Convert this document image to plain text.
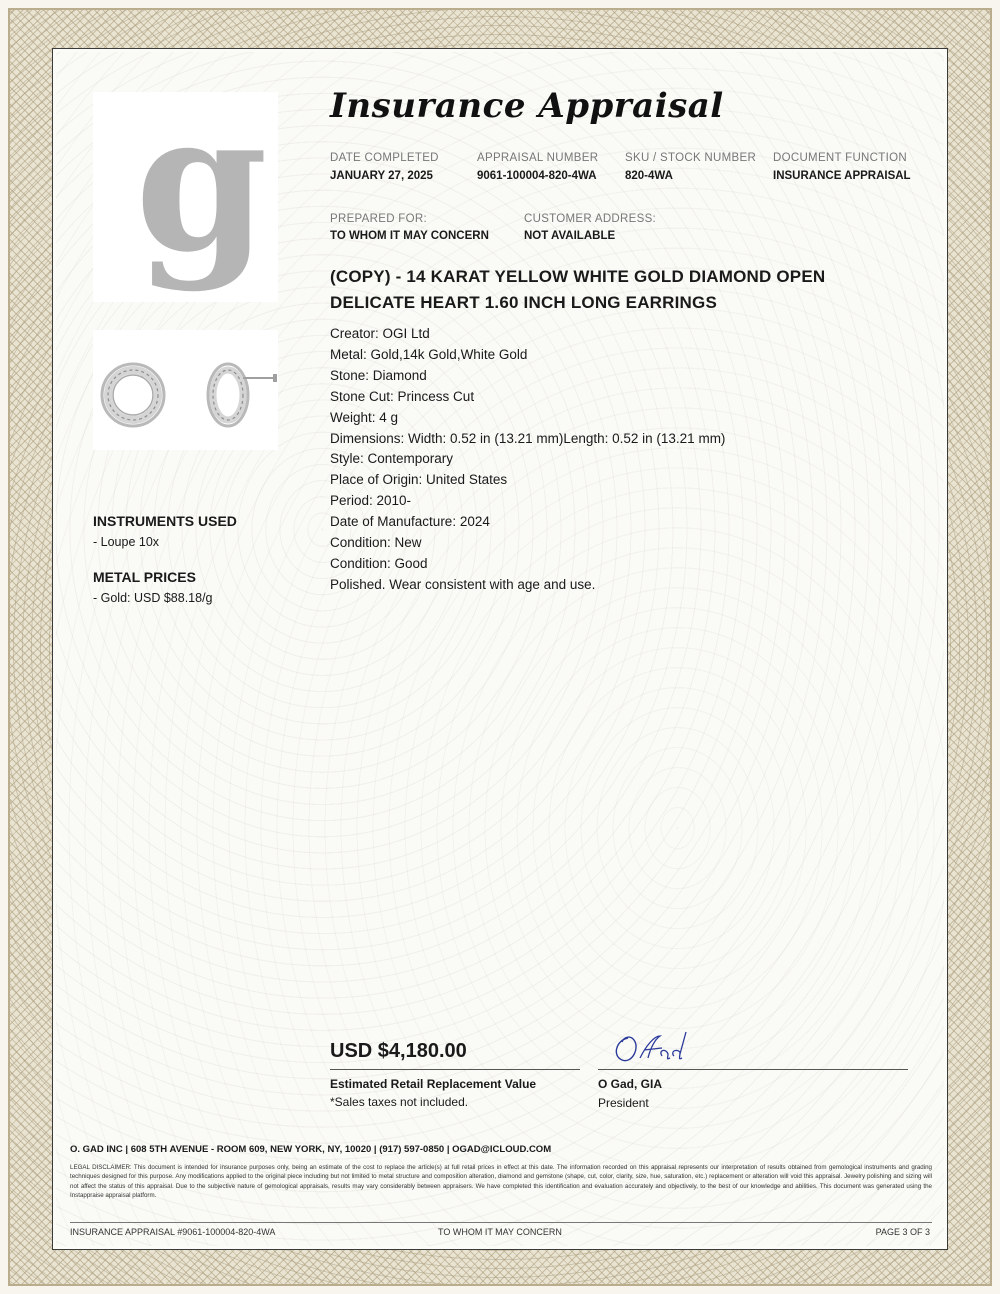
g Insurance Appraisal
DATE COMPLETED
JANUARY 27, 2025
APPRAISAL NUMBER
9061-100004-820-4WA
SKU / STOCK NUMBER
820-4WA
DOCUMENT FUNCTION
INSURANCE APPRAISAL
PREPARED FOR:
TO WHOM IT MAY CONCERN
CUSTOMER ADDRESS:
NOT AVAILABLE
(COPY) - 14 KARAT YELLOW WHITE GOLD DIAMOND OPEN
DELICATE HEART 1.60 INCH LONG EARRINGS
Creator: OGI Ltd
Metal: Gold,14k Gold,White Gold
Stone: Diamond
Stone Cut: Princess Cut
Weight: 4 g
Dimensions: Width: 0.52 in (13.21 mm)Length: 0.52 in (13.21 mm)
Style: Contemporary
Place of Origin: United States
Period: 2010-
Date of Manufacture: 2024
Condition: New
Condition: Good
Polished. Wear consistent with age and use.
INSTRUMENTS USED
- Loupe 10x
METAL PRICES
- Gold: USD $88.18/g
USD $4,180.00
Estimated Retail Replacement Value
*Sales taxes not included.
O Gad, GIA
President
O. GAD INC | 608 5TH AVENUE - ROOM 609, NEW YORK, NY, 10020 | (917) 597-0850 | OGAD@ICLOUD.COM
LEGAL DISCLAIMER: This document is intended for insurance purposes only, being an estimate of the cost to replace the article(s) at full retail prices in effect at this date. The information recorded on this appraisal represents our interpretation of results obtained from gemological instruments and grading techniques designed for this purpose. Any modifications applied to the original piece including but not limited to metal structure and composition alteration, diamond and gemstone (shape, cut, color, clarity, size, hue, saturation, etc.) replacement or alteration will void this appraisal. Jewelry polishing and sizing will not affect the status of this appraisal. Due to the subjective nature of gemological appraisals, results may vary considerably between appraisers. We have completed this identification and evaluation accurately and objectively, to the best of our knowledge and abilities. This document was generated using the Instappraise appraisal platform.
INSURANCE APPRAISAL #9061-100004-820-4WA	TO WHOM IT MAY CONCERN	PAGE 3 OF 3
